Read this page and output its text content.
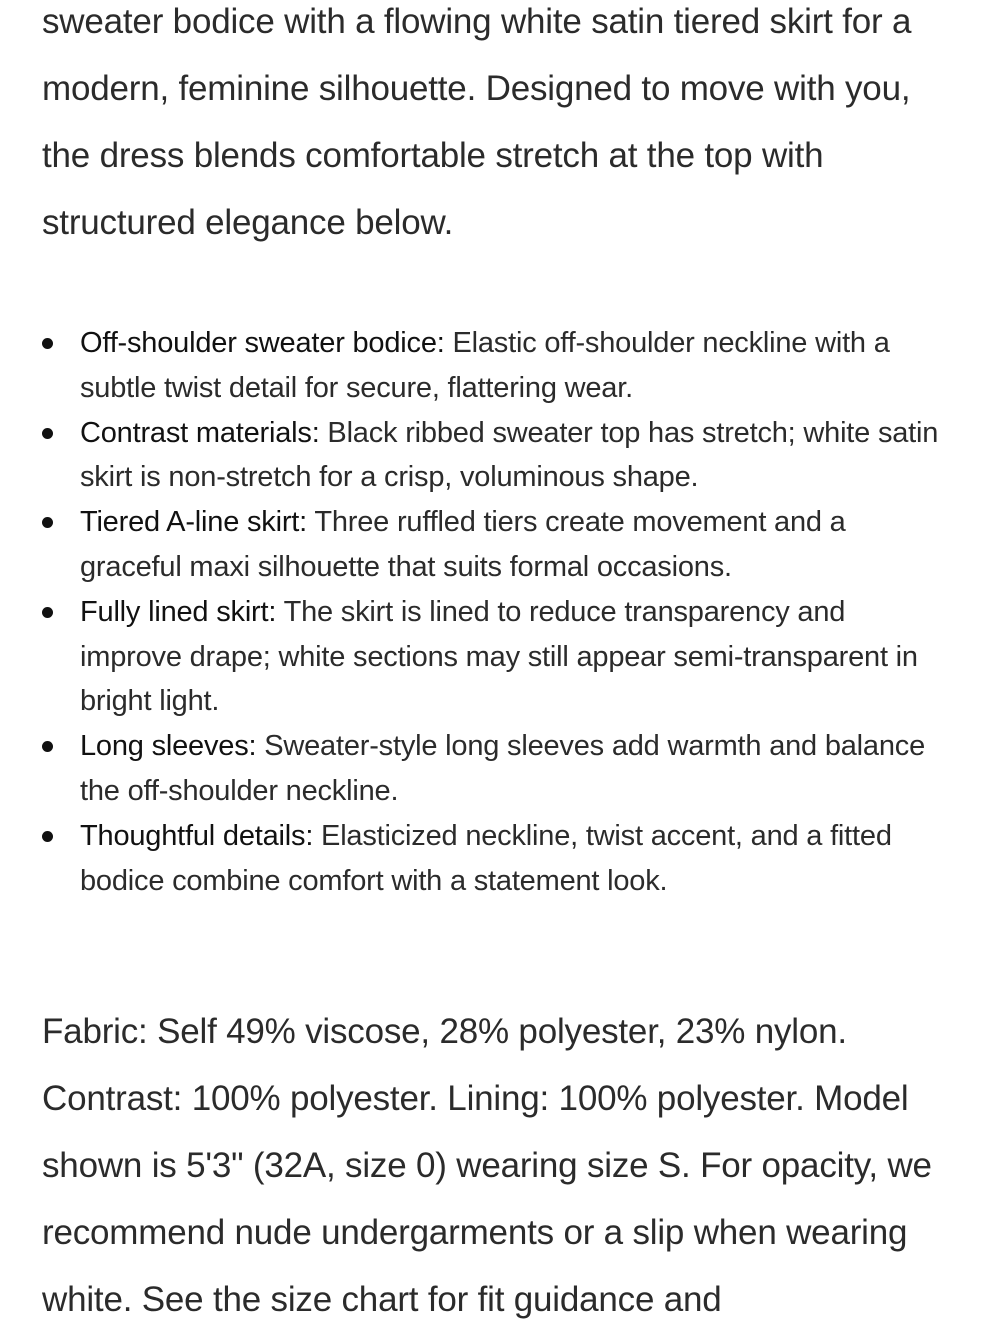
sweater bodice with a flowing white satin tiered skirt for a modern, feminine silhouette. Designed to move with you, the dress blends comfortable stretch at the top with structured elegance below.

Off-shoulder sweater bodice: Elastic off-shoulder neckline with a subtle twist detail for secure, flattering wear.
Contrast materials: Black ribbed sweater top has stretch; white satin skirt is non-stretch for a crisp, voluminous shape.
Tiered A-line skirt: Three ruffled tiers create movement and a graceful maxi silhouette that suits formal occasions.
Fully lined skirt: The skirt is lined to reduce transparency and improve drape; white sections may still appear semi-transparent in bright light.
Long sleeves: Sweater-style long sleeves add warmth and balance the off-shoulder neckline.
Thoughtful details: Elasticized neckline, twist accent, and a fitted bodice combine comfort with a statement look.

Fabric: Self 49% viscose, 28% polyester, 23% nylon. Contrast: 100% polyester. Lining: 100% polyester. Model shown is 5'3" (32A, size 0) wearing size S. For opacity, we recommend nude undergarments or a slip when wearing white. See the size chart for fit guidance and
